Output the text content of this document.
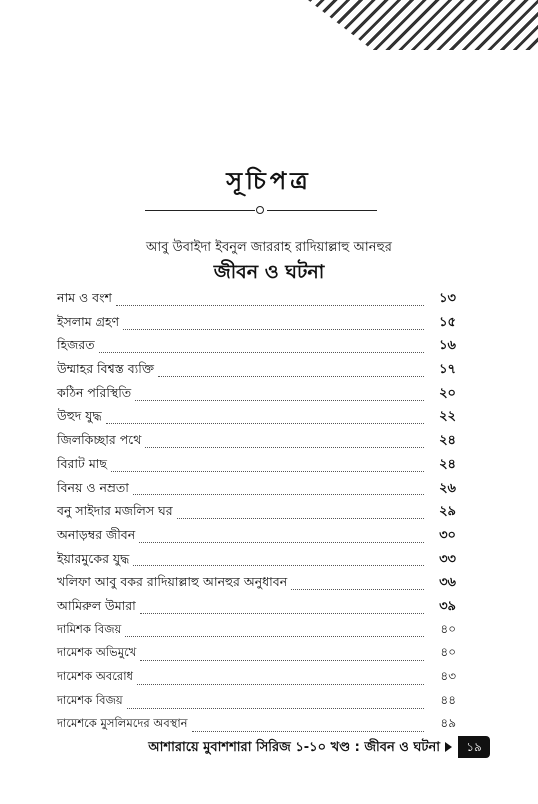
সূচিপত্র
আবু উবাইদা ইবনুল জাররাহ রাদিয়াল্লাহু আনহুর
জীবন ও ঘটনা
নাম ও বংশ	১৩
ইসলাম গ্রহণ	১৫
হিজরত	১৬
উম্মাহর বিশ্বস্ত ব্যক্তি	১৭
কঠিন পরিস্থিতি	২০
উহুদ যুদ্ধ	২২
জিলকিচ্ছার পথে	২৪
বিরাট মাছ	২৪
বিনয় ও নম্রতা	২৬
বনু সাইদার মজলিস ঘর	২৯
অনাড়ম্বর জীবন	৩০
ইয়ারমুকের যুদ্ধ	৩৩
খলিফা আবু বকর রাদিয়াল্লাহু আনহুর অনুধাবন	৩৬
আমিরুল উমারা	৩৯
দামিশক বিজয়	৪০
দামেশক অভিমুখে	৪০
দামেশক অবরোধ	৪৩
দামেশক বিজয়	৪৪
দামেশকে মুসলিমদের অবস্থান	৪৯
আশারায়ে মুবাশশারা সিরিজ ১-১০ খণ্ড : জীবন ও ঘটনা	১৯
